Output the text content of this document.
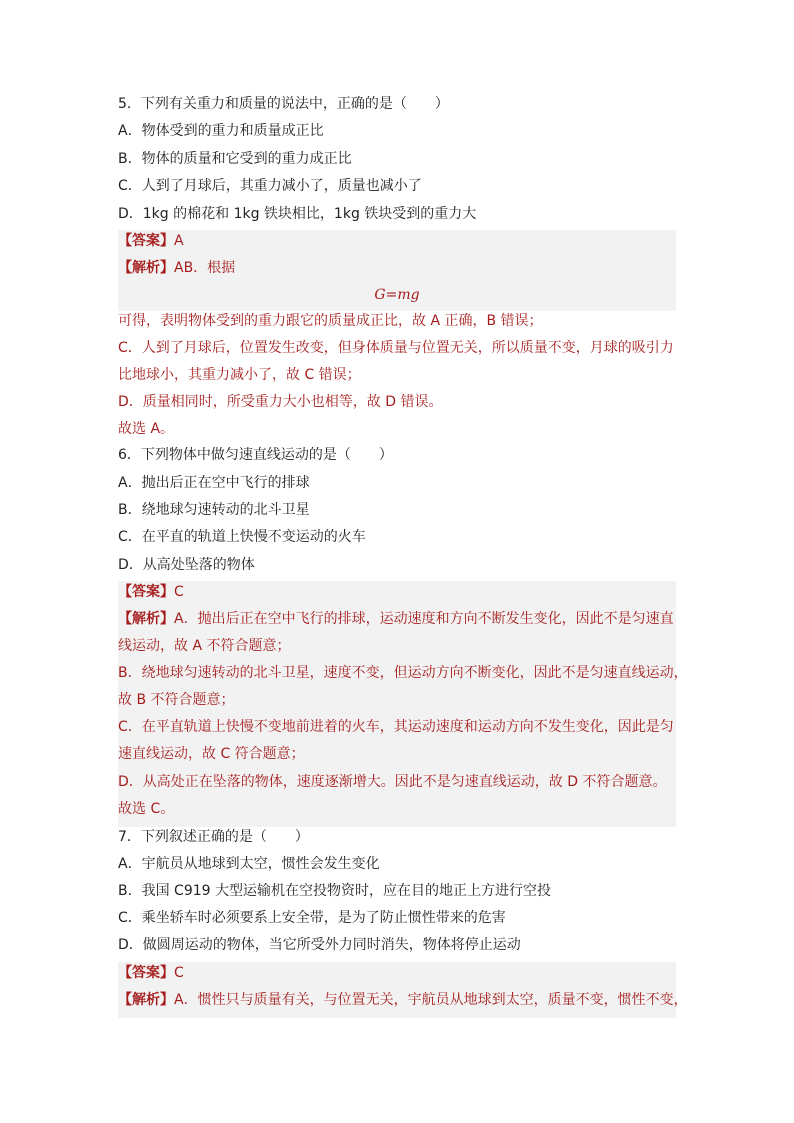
5．下列有关重力和质量的说法中，正确的是（　　）
A．物体受到的重力和质量成正比
B．物体的质量和它受到的重力成正比
C．人到了月球后，其重力减小了，质量也减小了
D．1kg 的棉花和 1kg 铁块相比，1kg 铁块受到的重力大
【答案】A
【解析】AB．根据
G=mg
可得，表明物体受到的重力跟它的质量成正比，故 A 正确，B 错误；
C．人到了月球后，位置发生改变，但身体质量与位置无关，所以质量不变，月球的吸引力
比地球小，其重力减小了，故 C 错误；
D．质量相同时，所受重力大小也相等，故 D 错误。
故选 A。
6．下列物体中做匀速直线运动的是（　　）
A．抛出后正在空中飞行的排球
B．绕地球匀速转动的北斗卫星
C．在平直的轨道上快慢不变运动的火车
D．从高处坠落的物体
【答案】C
【解析】A．抛出后正在空中飞行的排球，运动速度和方向不断发生变化，因此不是匀速直
线运动，故 A 不符合题意；
B．绕地球匀速转动的北斗卫星，速度不变，但运动方向不断变化，因此不是匀速直线运动，
故 B 不符合题意；
C．在平直轨道上快慢不变地前进着的火车，其运动速度和运动方向不发生变化，因此是匀
速直线运动，故 C 符合题意；
D．从高处正在坠落的物体，速度逐渐增大。因此不是匀速直线运动，故 D 不符合题意。
故选 C。
7．下列叙述正确的是（　　）
A．宇航员从地球到太空，惯性会发生变化
B．我国 C919 大型运输机在空投物资时，应在目的地正上方进行空投
C．乘坐轿车时必须要系上安全带，是为了防止惯性带来的危害
D．做圆周运动的物体，当它所受外力同时消失，物体将停止运动
【答案】C
【解析】A．惯性只与质量有关，与位置无关，宇航员从地球到太空，质量不变，惯性不变，
